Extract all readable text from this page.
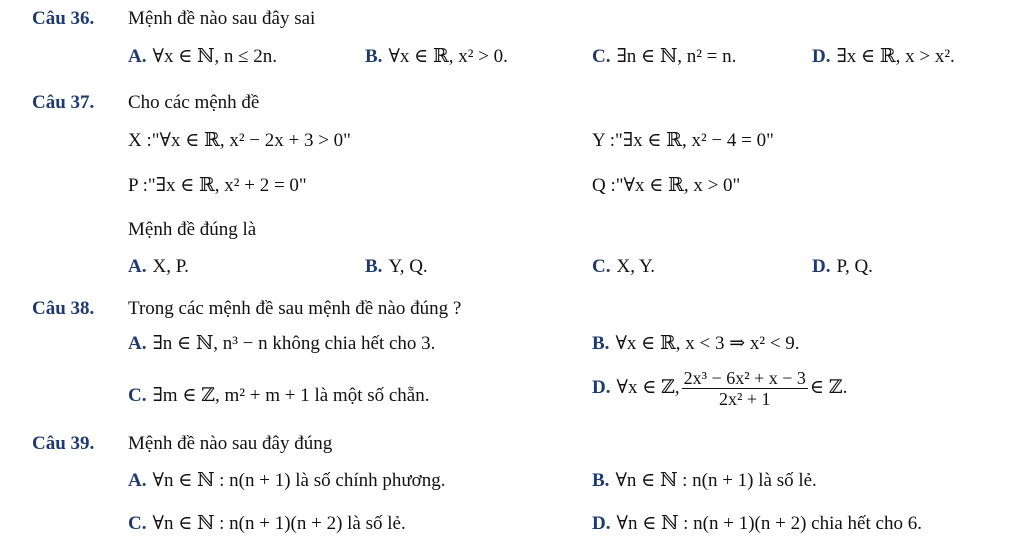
Câu 36. Mệnh đề nào sau đây sai
A. ∀x ∈ ℕ, n ≤ 2n.	B. ∀x ∈ ℝ, x² > 0.	C. ∃n ∈ ℕ, n² = n.	D. ∃x ∈ ℝ, x > x².
Câu 37. Cho các mệnh đề
X :"∀x ∈ ℝ, x² − 2x + 3 > 0"	Y :"∃x ∈ ℝ, x² − 4 = 0"
P :"∃x ∈ ℝ, x² + 2 = 0"	Q :"∀x ∈ ℝ, x > 0"
Mệnh đề đúng là
A. X, P.	B. Y, Q.	C. X, Y.	D. P, Q.
Câu 38. Trong các mệnh đề sau mệnh đề nào đúng ?
A. ∃n ∈ ℕ, n³ − n không chia hết cho 3.	B. ∀x ∈ ℝ, x < 3 ⇒ x² < 9.
C. ∃m ∈ ℤ, m² + m + 1 là một số chẵn.	D. ∀x ∈ ℤ, $\frac{\text{2x³ − 6x² + x − 3}}{\text{2x² + 1}}$ ∈ ℤ.
Câu 39. Mệnh đề nào sau đây đúng
A. ∀n ∈ ℕ : n(n + 1) là số chính phương.	B. ∀n ∈ ℕ : n(n + 1) là số lẻ.
C. ∀n ∈ ℕ : n(n + 1)(n + 2) là số lẻ.	D. ∀n ∈ ℕ : n(n + 1)(n + 2) chia hết cho 6.
